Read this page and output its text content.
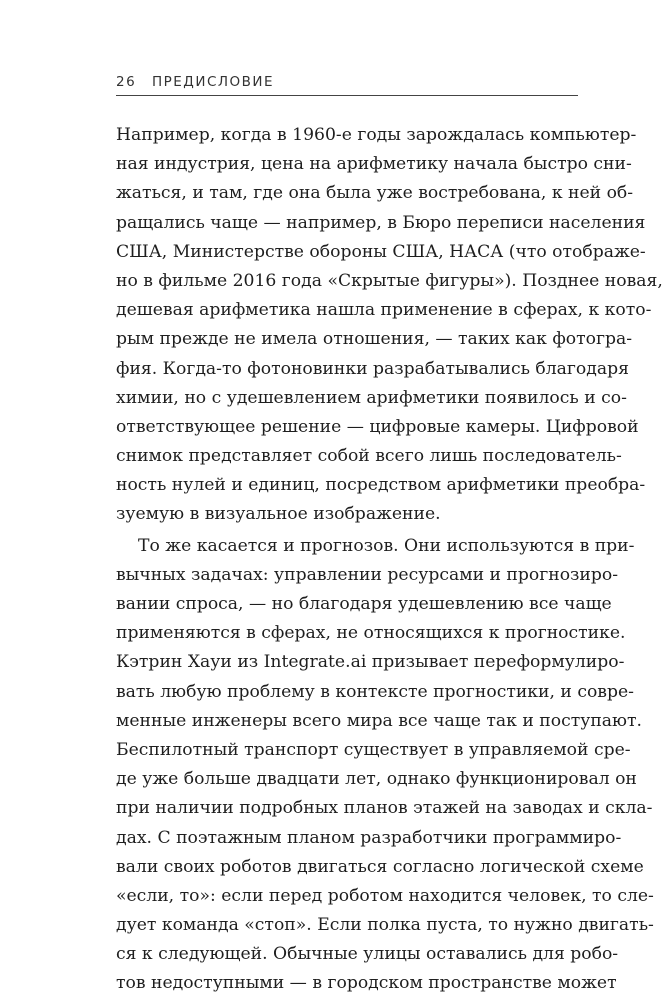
26 ПРЕДИСЛОВИЕ
Например, когда в 1960-е годы зарождалась компьютер-
ная индустрия, цена на арифметику начала быстро сни-
жаться, и там, где она была уже востребована, к ней об-
ращались чаще — например, в Бюро переписи населения
США, Министерстве обороны США, НАСА (что отображе-
но в фильме 2016 года «Скрытые фигуры»). Позднее новая,
дешевая арифметика нашла применение в сферах, к кото-
рым прежде не имела отношения, — таких как фотогра-
фия. Когда-то фотоновинки разрабатывались благодаря
химии, но с удешевлением арифметики появилось и со-
ответствующее решение — цифровые камеры. Цифровой
снимок представляет собой всего лишь последователь-
ность нулей и единиц, посредством арифметики преобра-
зуемую в визуальное изображение.
То же касается и прогнозов. Они используются в при-
вычных задачах: управлении ресурсами и прогнозиро-
вании спроса, — но благодаря удешевлению все чаще
применяются в сферах, не относящихся к прогностике.
Кэтрин Хауи из Integrate.ai призывает переформулиро-
вать любую проблему в контексте прогностики, и совре-
менные инженеры всего мира все чаще так и поступают.
Беспилотный транспорт существует в управляемой сре-
де уже больше двадцати лет, однако функционировал он
при наличии подробных планов этажей на заводах и скла-
дах. С поэтажным планом разработчики программиро-
вали своих роботов двигаться согласно логической схеме
«если, то»: если перед роботом находится человек, то сле-
дует команда «стоп». Если полка пуста, то нужно двигать-
ся к следующей. Обычные улицы оставались для робо-
тов недоступными — в городском пространстве может
